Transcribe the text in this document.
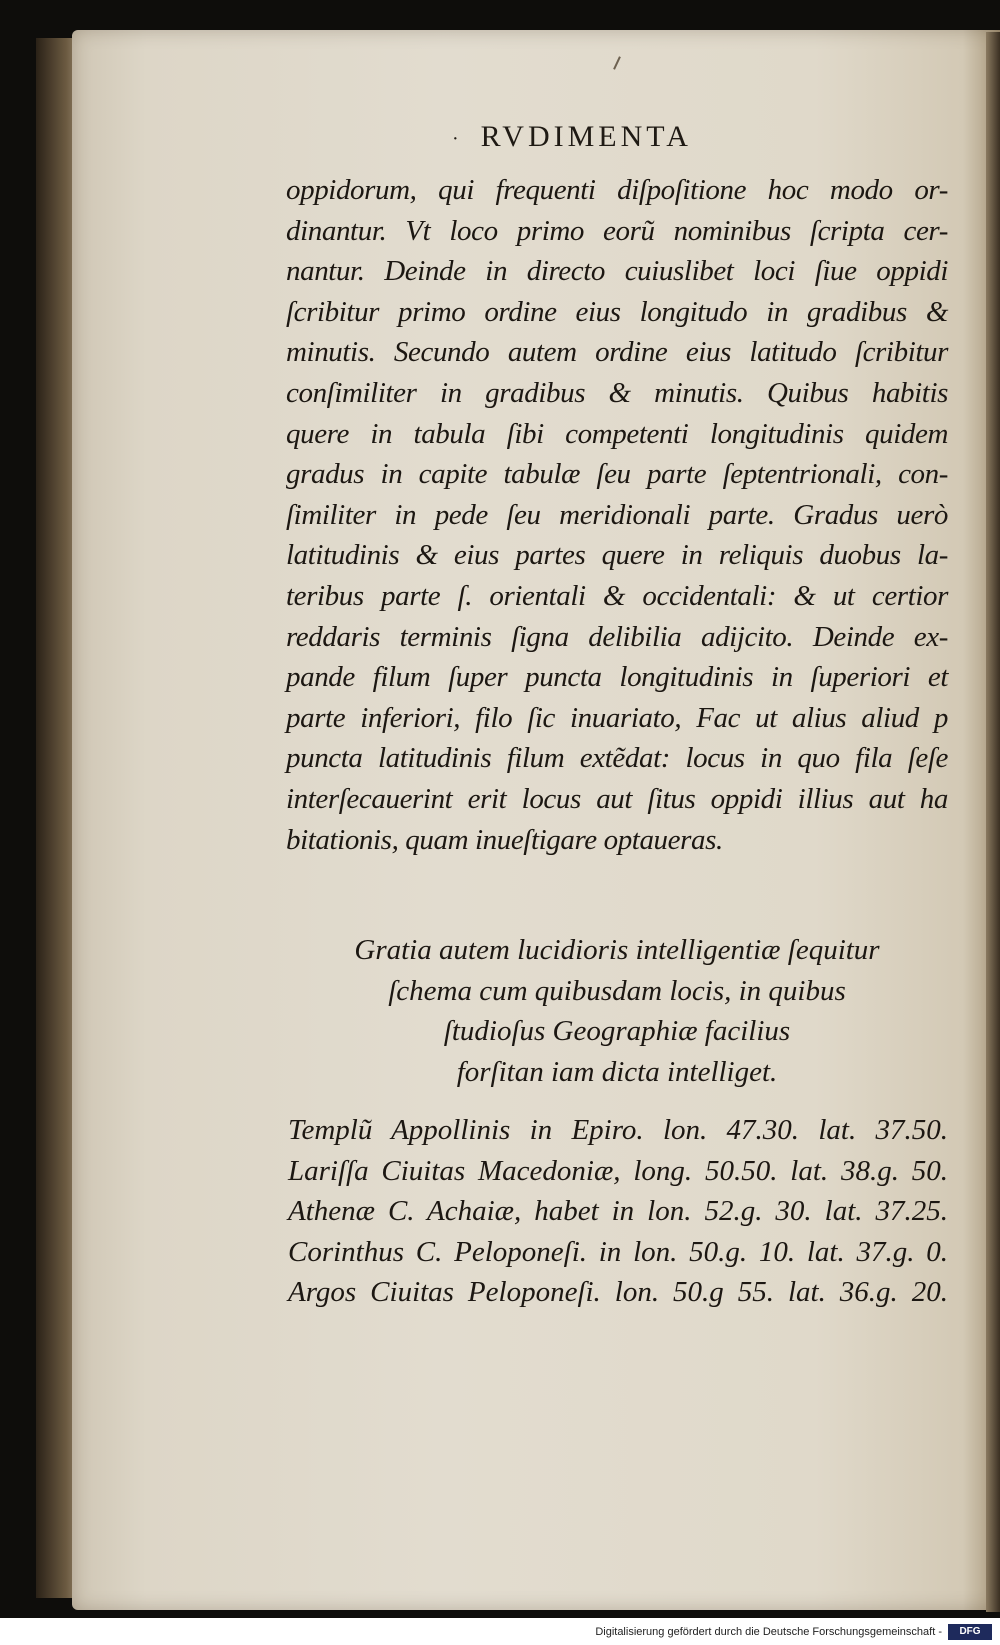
· RVDIMENTA
oppidorum, qui frequenti diſpoſitione hoc modo or-
dinantur. Vt loco primo eorũ nominibus ſcripta cer-
nantur. Deinde in directo cuiuslibet loci ſiue oppidi
ſcribitur primo ordine eius longitudo in gradibus &
minutis. Secundo autem ordine eius latitudo ſcribitur
conſimiliter in gradibus & minutis. Quibus habitis
quere in tabula ſibi competenti longitudinis quidem
gradus in capite tabulæ ſeu parte ſeptentrionali, con-
ſimiliter in pede ſeu meridionali parte. Gradus uerò
latitudinis & eius partes quere in reliquis duobus la-
teribus parte ſ. orientali & occidentali: & ut certior
reddaris terminis ſigna delibilia adijcito. Deinde ex-
pande filum ſuper puncta longitudinis in ſuperiori et
parte inferiori, filo ſic inuariato, Fac ut alius aliud p
puncta latitudinis filum extẽdat: locus in quo fila ſeſe
interſecauerint erit locus aut ſitus oppidi illius aut ha
bitationis, quam inueſtigare optaueras.
Gratia autem lucidioris intelligentiæ ſequitur
ſchema cum quibusdam locis, in quibus
ſtudioſus Geographiæ facilius
forſitan iam dicta intelliget.
Templũ Appollinis in Epiro. lon. 47.30. lat. 37.50.
Lariſſa Ciuitas Macedoniæ, long. 50.50. lat. 38.g. 50.
Athenæ C. Achaiæ, habet in lon. 52.g. 30. lat. 37.25.
Corinthus C. Peloponeſi. in lon. 50.g. 10. lat. 37.g. 0.
Argos Ciuitas Peloponeſi. lon. 50.g 55. lat. 36.g. 20.
Digitalisierung gefördert durch die Deutsche Forschungsgemeinschaft -	DFG
